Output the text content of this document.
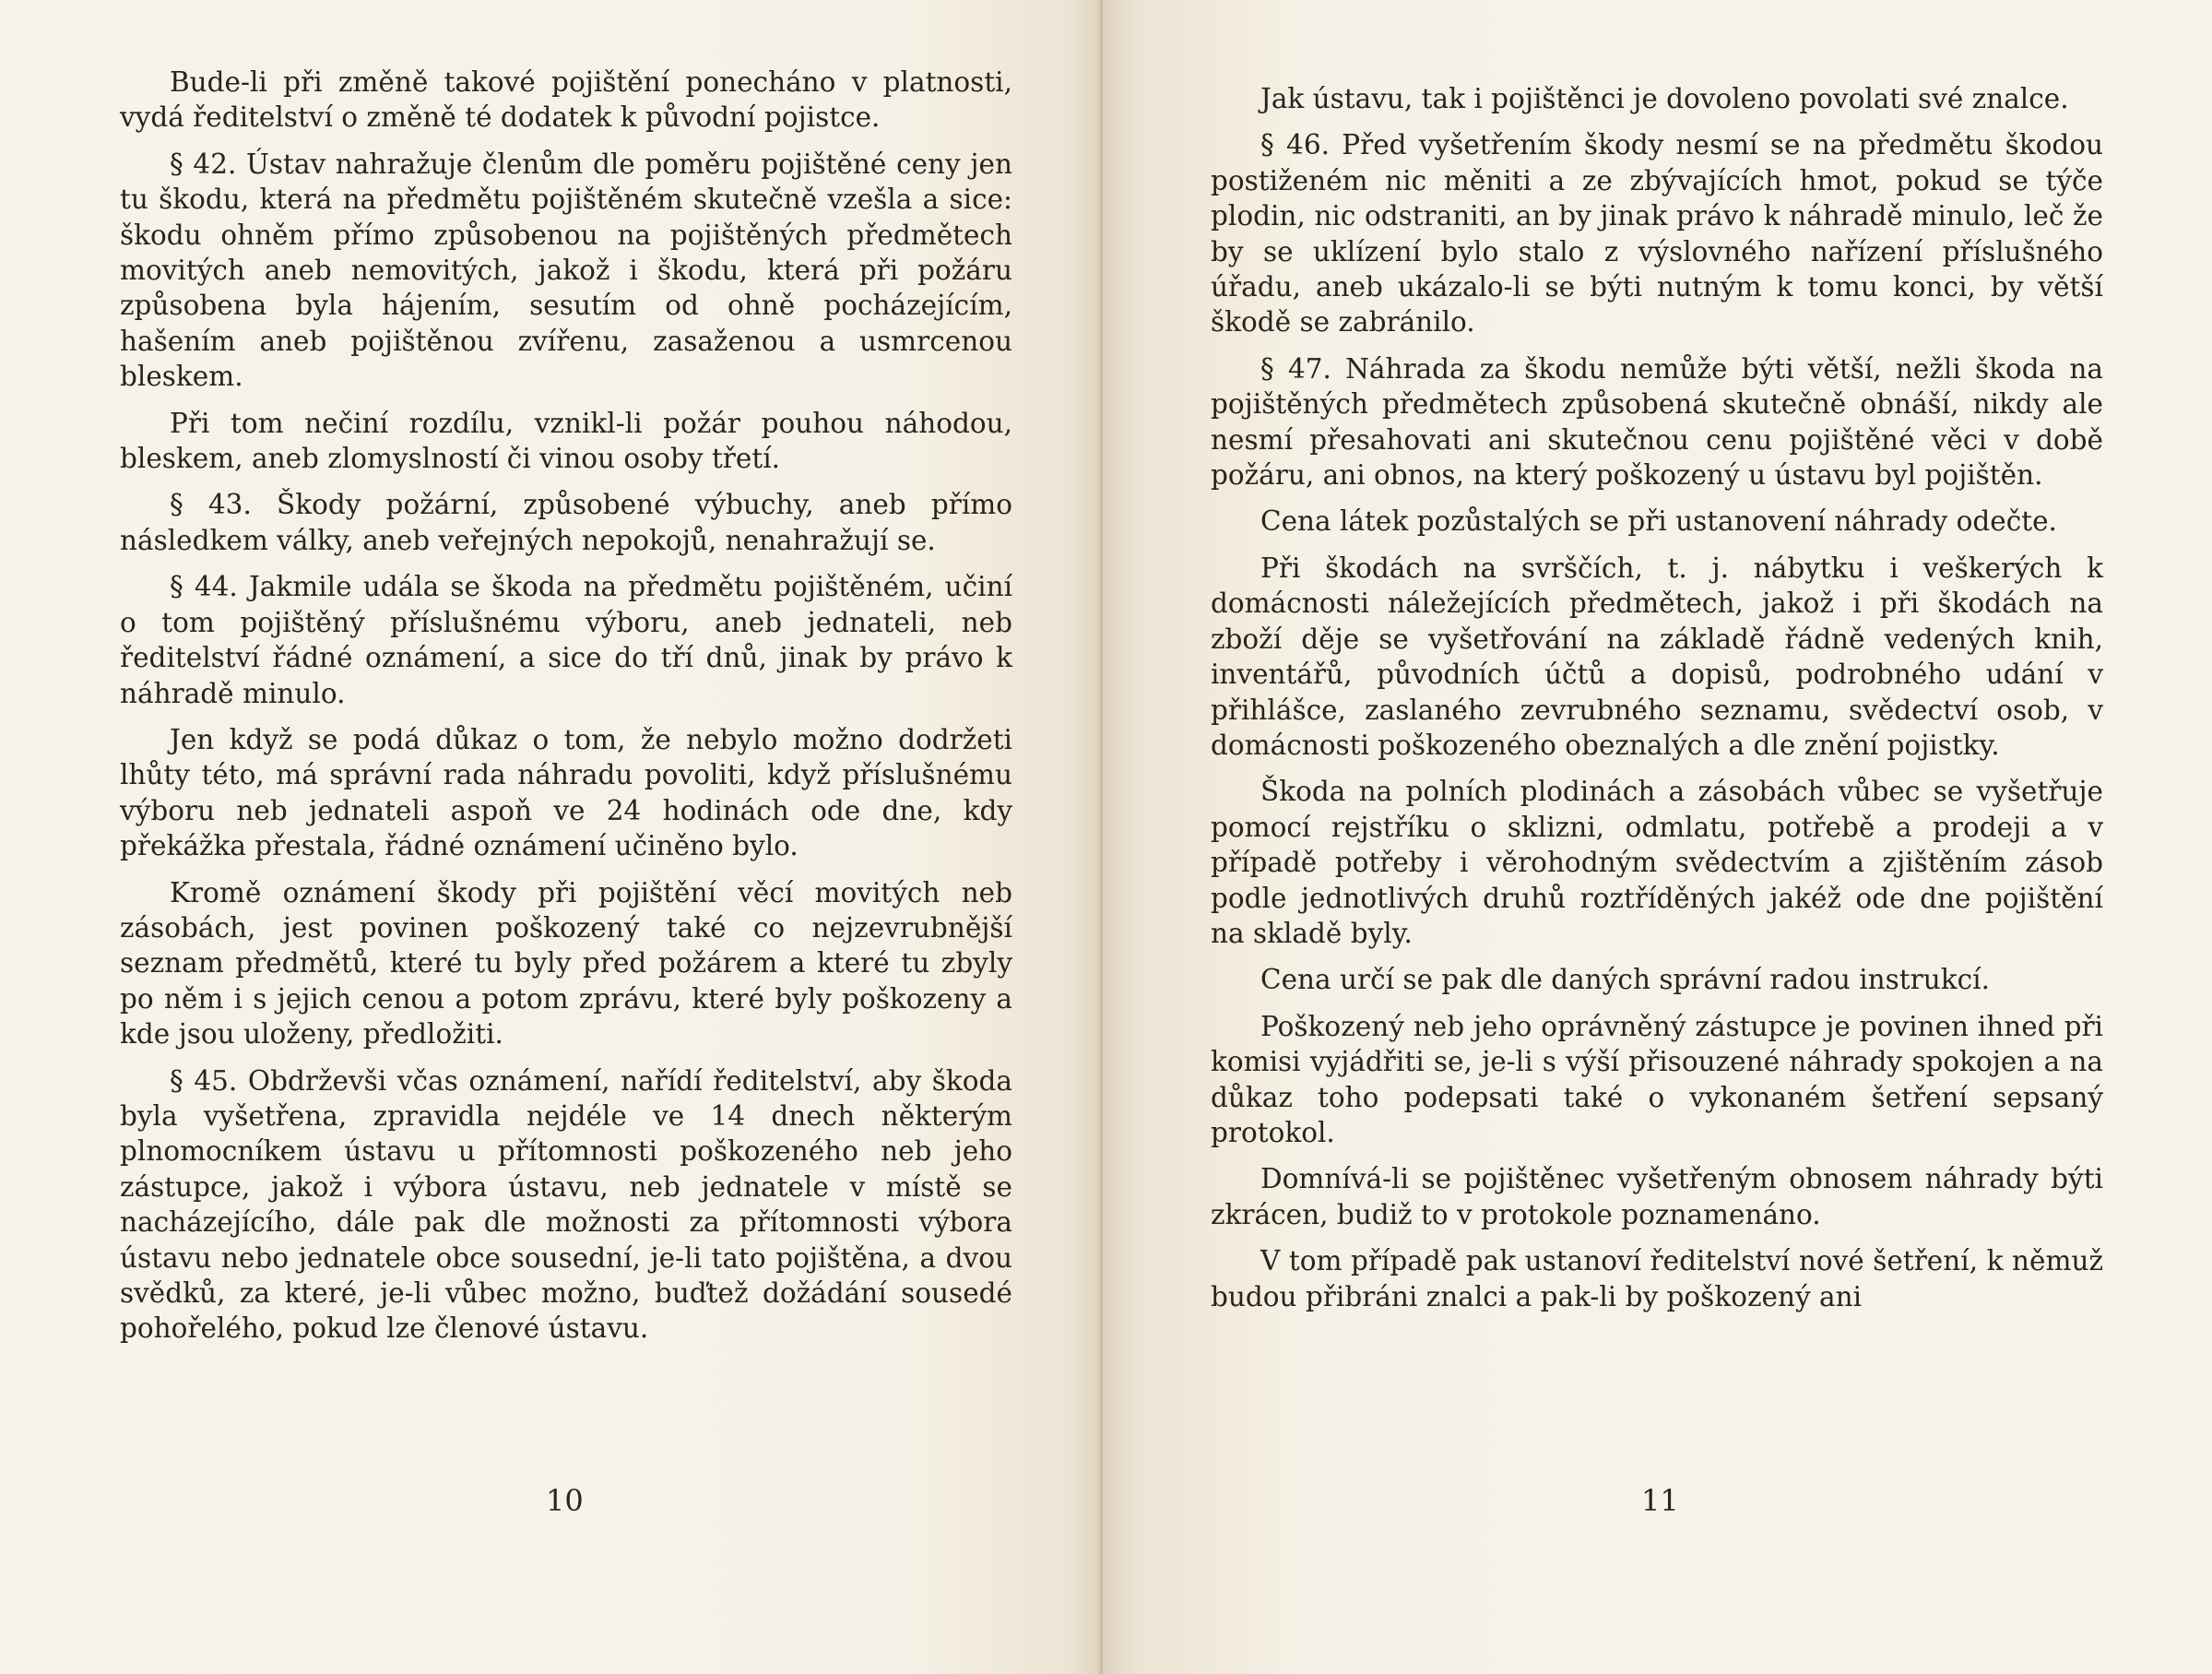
Bude-li při změně takové pojištění ponecháno v platnosti, vydá ředitelství o změně té dodatek k původní pojistce.

§ 42. Ústav nahražuje členům dle poměru pojištěné ceny jen tu škodu, která na předmětu pojištěném skutečně vzešla a sice: škodu ohněm přímo způsobenou na pojištěných předmětech movitých aneb nemovitých, jakož i škodu, která při požáru způsobena byla hájením, sesutím od ohně pocházejícím, hašením aneb pojištěnou zvířenu, zasaženou a usmrcenou bleskem.

Při tom nečiní rozdílu, vznikl-li požár pouhou náhodou, bleskem, aneb zlomyslností či vinou osoby třetí.

§ 43. Škody požární, způsobené výbuchy, aneb přímo následkem války, aneb veřejných nepokojů, nenahražují se.

§ 44. Jakmile udála se škoda na předmětu pojištěném, učiní o tom pojištěný příslušnému výboru, aneb jednateli, neb ředitelství řádné oznámení, a sice do tří dnů, jinak by právo k náhradě minulo.

Jen když se podá důkaz o tom, že nebylo možno dodržeti lhůty této, má správní rada náhradu povoliti, když příslušnému výboru neb jednateli aspoň ve 24 hodinách ode dne, kdy překážka přestala, řádné oznámení učiněno bylo.

Kromě oznámení škody při pojištění věcí movitých neb zásobách, jest povinen poškozený také co nejzevrubnější seznam předmětů, které tu byly před požárem a které tu zbyly po něm i s jejich cenou a potom zprávu, které byly poškozeny a kde jsou uloženy, předložiti.

§ 45. Obdrževši včas oznámení, nařídí ředitelství, aby škoda byla vyšetřena, zpravidla nejdéle ve 14 dnech některým plnomocníkem ústavu u přítomnosti poškozeného neb jeho zástupce, jakož i výbora ústavu, neb jednatele v místě se nacházejícího, dále pak dle možnosti za přítomnosti výbora ústavu nebo jednatele obce sousední, je-li tato pojištěna, a dvou svědků, za které, je-li vůbec možno, buďtež dožádání sousedé pohořelého, pokud lze členové ústavu.

10

Jak ústavu, tak i pojištěnci je dovoleno povolati své znalce.

§ 46. Před vyšetřením škody nesmí se na předmětu škodou postiženém nic měniti a ze zbývajících hmot, pokud se týče plodin, nic odstraniti, an by jinak právo k náhradě minulo, leč že by se uklízení bylo stalo z výslovného nařízení příslušného úřadu, aneb ukázalo-li se býti nutným k tomu konci, by větší škodě se zabránilo.

§ 47. Náhrada za škodu nemůže býti větší, nežli škoda na pojištěných předmětech způsobená skutečně obnáší, nikdy ale nesmí přesahovati ani skutečnou cenu pojištěné věci v době požáru, ani obnos, na který poškozený u ústavu byl pojištěn.

Cena látek pozůstalých se při ustanovení náhrady odečte.

Při škodách na svrščích, t. j. nábytku i veškerých k domácnosti náležejících předmětech, jakož i při škodách na zboží děje se vyšetřování na základě řádně vedených knih, inventářů, původních účtů a dopisů, podrobného udání v přihlášce, zaslaného zevrubného seznamu, svědectví osob, v domácnosti poškozeného obeznalých a dle znění pojistky.

Škoda na polních plodinách a zásobách vůbec se vyšetřuje pomocí rejstříku o sklizni, odmlatu, potřebě a prodeji a v případě potřeby i věrohodným svědectvím a zjištěním zásob podle jednotlivých druhů roztříděných jakéž ode dne pojištění na skladě byly.

Cena určí se pak dle daných správní radou instrukcí.

Poškozený neb jeho oprávněný zástupce je povinen ihned při komisi vyjádřiti se, je-li s výší přisouzené náhrady spokojen a na důkaz toho podepsati také o vykonaném šetření sepsaný protokol.

Domnívá-li se pojištěnec vyšetřeným obnosem náhrady býti zkrácen, budiž to v protokole poznamenáno.

V tom případě pak ustanoví ředitelství nové šetření, k němuž budou přibráni znalci a pak-li by poškozený ani

11
